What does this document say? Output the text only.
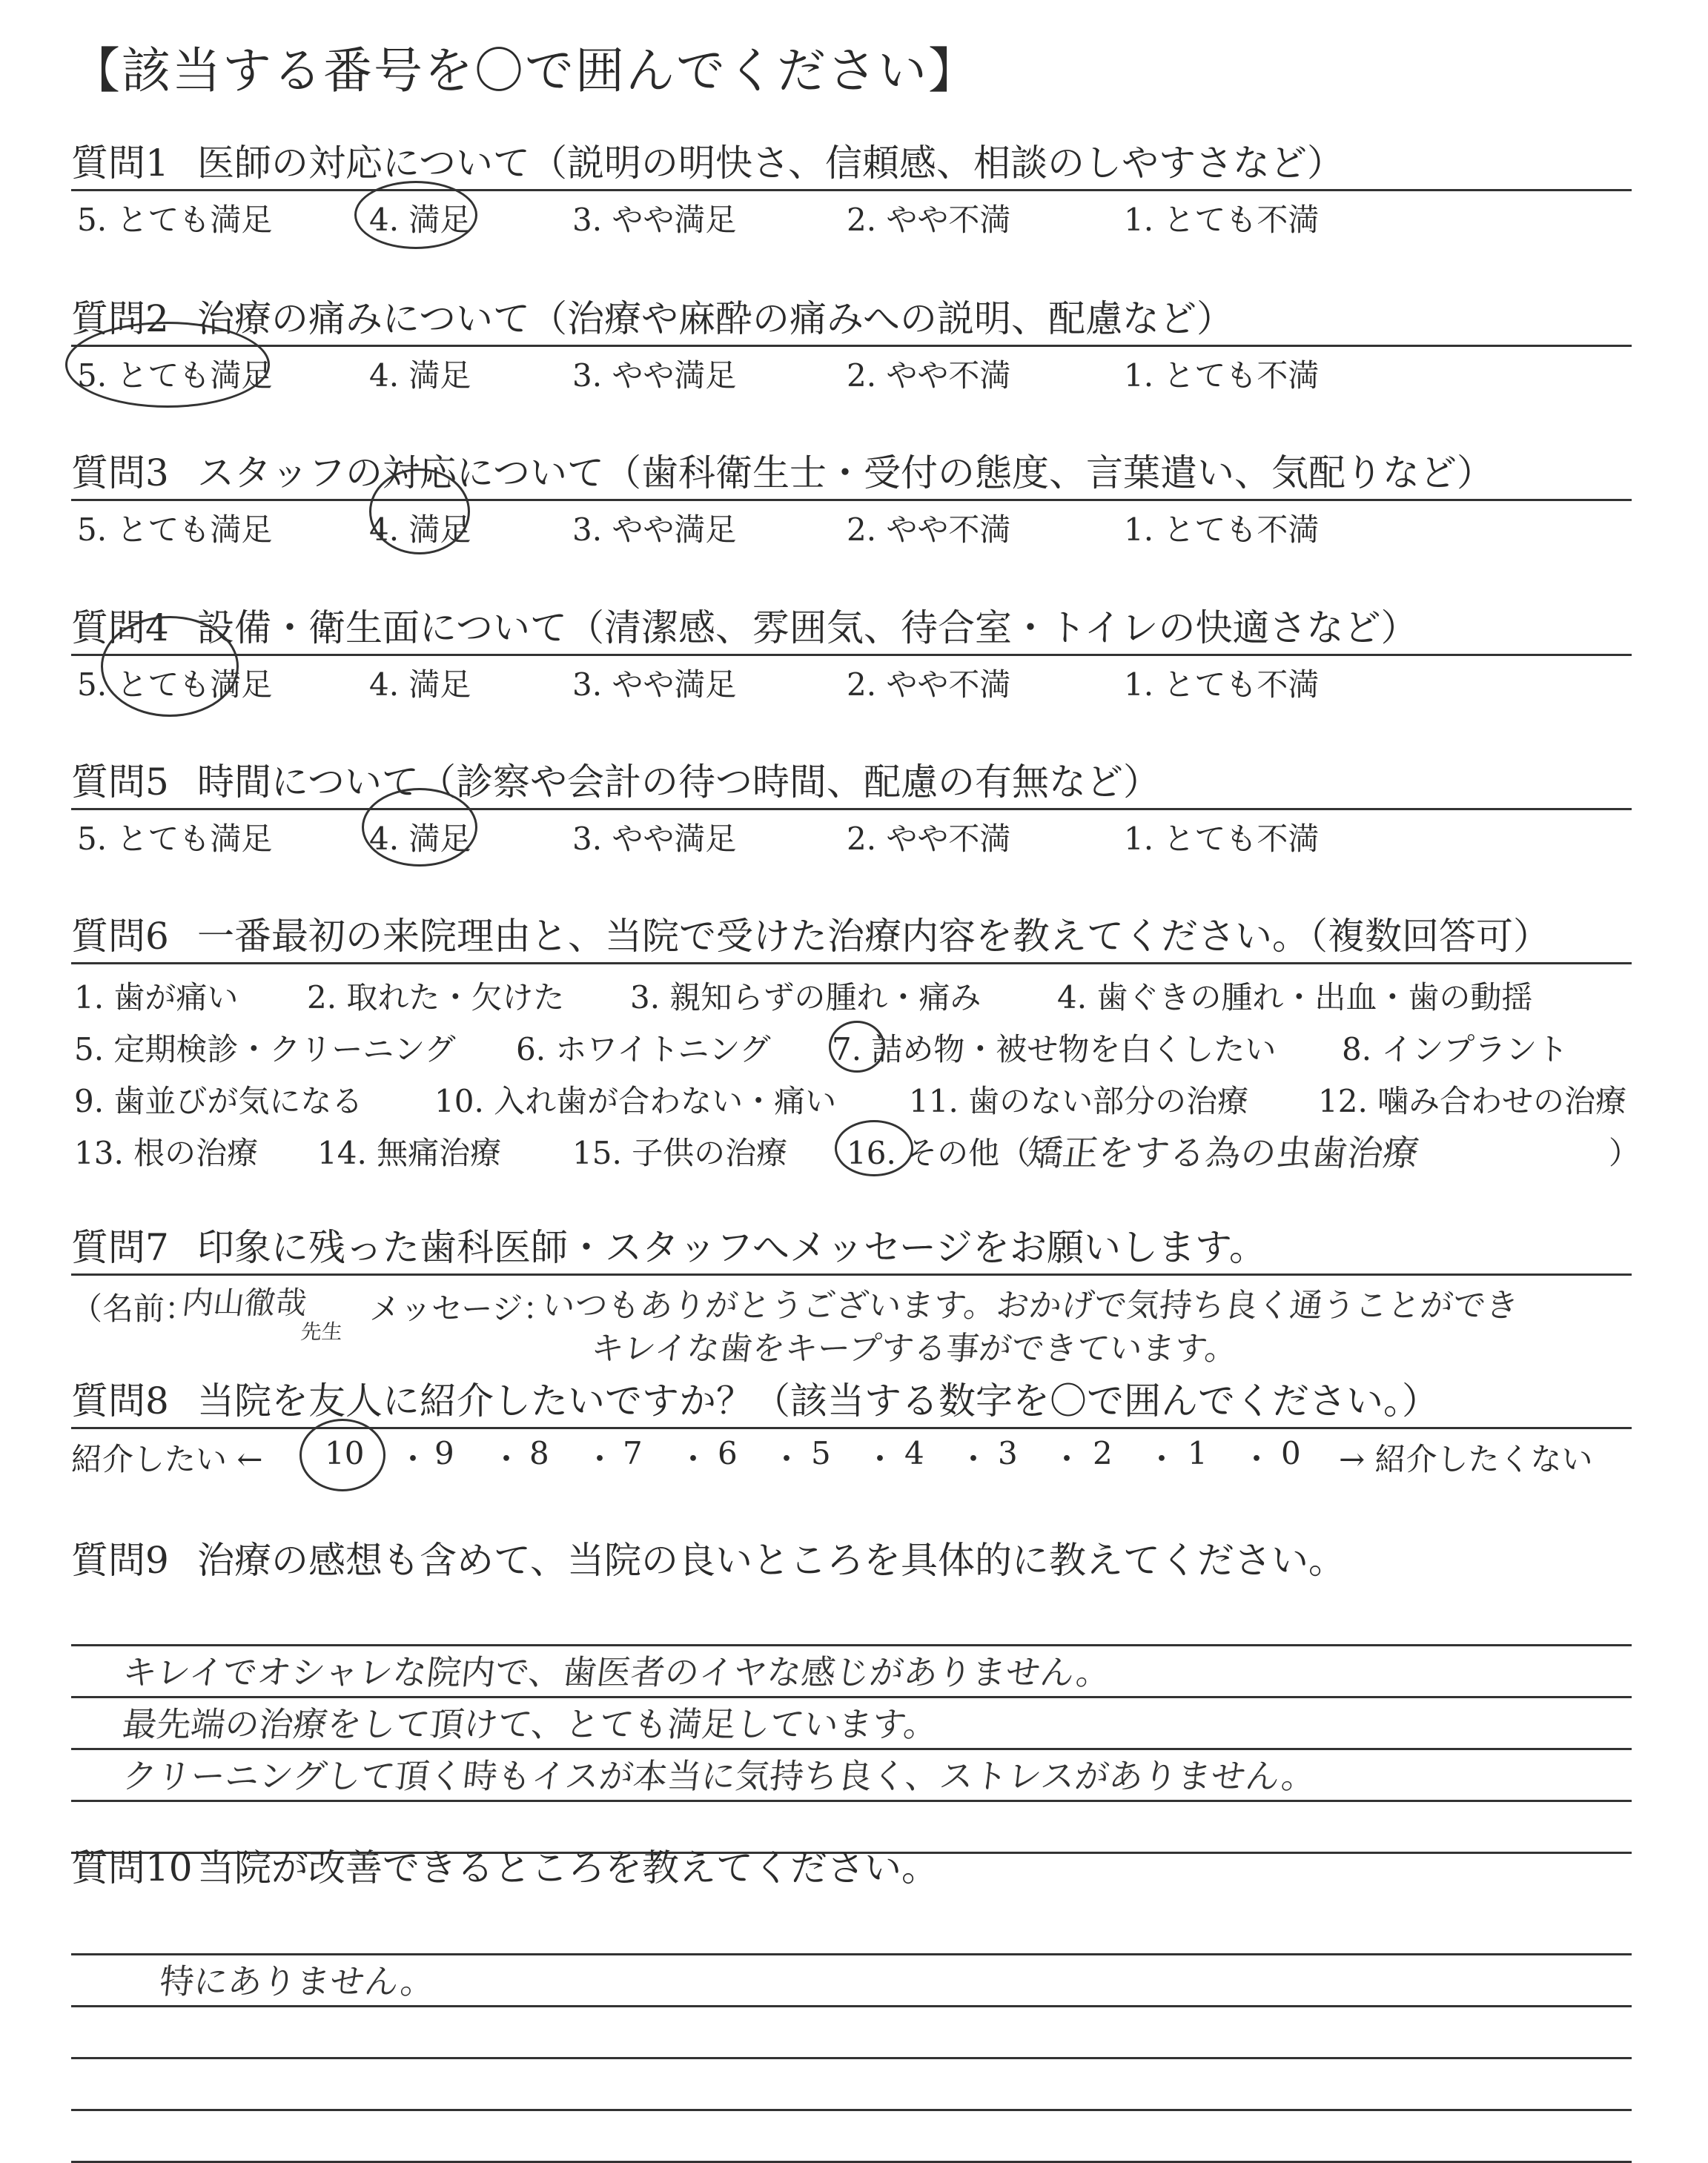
【該当する番号を〇で囲んでください】
質問1 医師の対応について（説明の明快さ、信頼感、相談のしやすさなど）
5. とても満足	4. 満足	3. やや満足	2. やや不満	1. とても不満
質問2 治療の痛みについて（治療や麻酔の痛みへの説明、配慮など）
5. とても満足	4. 満足	3. やや満足	2. やや不満	1. とても不満
質問3 スタッフの対応について（歯科衛生士・受付の態度、言葉遣い、気配りなど）
5. とても満足	4. 満足	3. やや満足	2. やや不満	1. とても不満
質問4 設備・衛生面について（清潔感、雰囲気、待合室・トイレの快適さなど）
5. とても満足	4. 満足	3. やや満足	2. やや不満	1. とても不満
質問5 時間について（診察や会計の待つ時間、配慮の有無など）
5. とても満足	4. 満足	3. やや満足	2. やや不満	1. とても不満
質問6 一番最初の来院理由と、当院で受けた治療内容を教えてください。（複数回答可）
1. 歯が痛い 2. 取れた・欠けた 3. 親知らずの腫れ・痛み 4. 歯ぐきの腫れ・出血・歯の動揺
5. 定期検診・クリーニング 6. ホワイトニング 7. 詰め物・被せ物を白くしたい 8. インプラント
9. 歯並びが気になる 10. 入れ歯が合わない・痛い 11. 歯のない部分の治療 12. 噛み合わせの治療
13. 根の治療 14. 無痛治療 15. 子供の治療 16. その他（
矯正をする為の虫歯治療	）
質問7 印象に残った歯科医師・スタッフへメッセージをお願いします。
（名前：
内山徹哉
先生
メッセージ：
いつもありがとうございます。おかげで気持ち良く通うことができ
キレイな歯をキープする事ができています。
質問8 当院を友人に紹介したいですか？（該当する数字を〇で囲んでください。）
紹介したい ← 10 ・ 9 ・ 8 ・ 7 ・ 6 ・ 5 ・ 4 ・ 3 ・ 2 ・ 1 ・ 0 → 紹介したくない
質問9 治療の感想も含めて、当院の良いところを具体的に教えてください。
キレイでオシャレな院内で、歯医者のイヤな感じがありません。
最先端の治療をして頂けて、とても満足しています。
クリーニングして頂く時もイスが本当に気持ち良く、ストレスがありません。
質問10 当院が改善できるところを教えてください。
特にありません。
